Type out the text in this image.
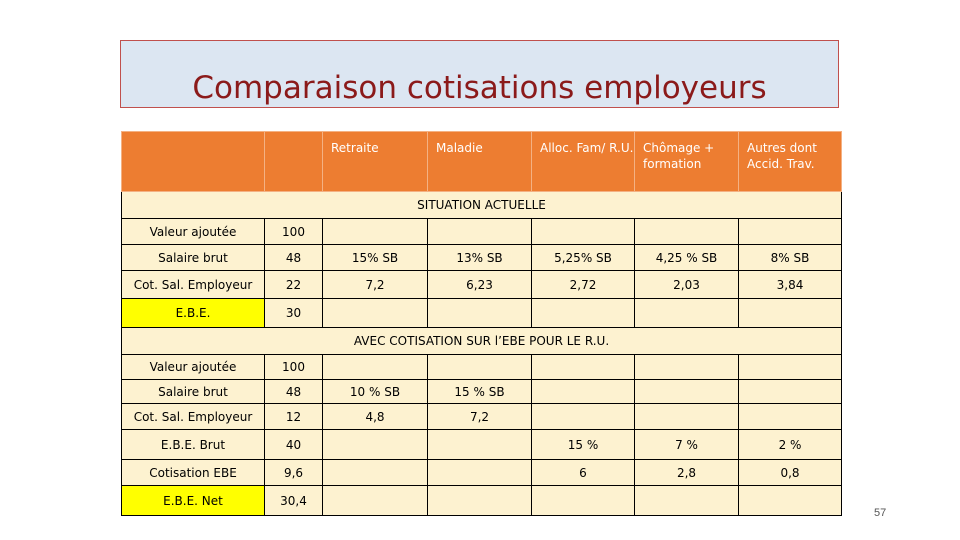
Comparaison cotisations employeurs
		Retraite	Maladie	Alloc. Fam/ R.U.	Chômage + formation	Autres dont Accid. Trav.
SITUATION ACTUELLE						
Valeur ajoutée	100					
Salaire brut	48	15% SB	13% SB	5,25% SB	4,25 % SB	8% SB
Cot. Sal. Employeur	22	7,2	6,23	2,72	2,03	3,84
E.B.E.	30					
AVEC COTISATION SUR l’EBE POUR LE R.U.						
Valeur ajoutée	100					
Salaire brut	48	10 % SB	15 % SB			
Cot. Sal. Employeur	12	4,8	7,2			
E.B.E. Brut	40			15 %	7 %	2 %
Cotisation EBE	9,6			6	2,8	0,8
E.B.E. Net	30,4					
57
